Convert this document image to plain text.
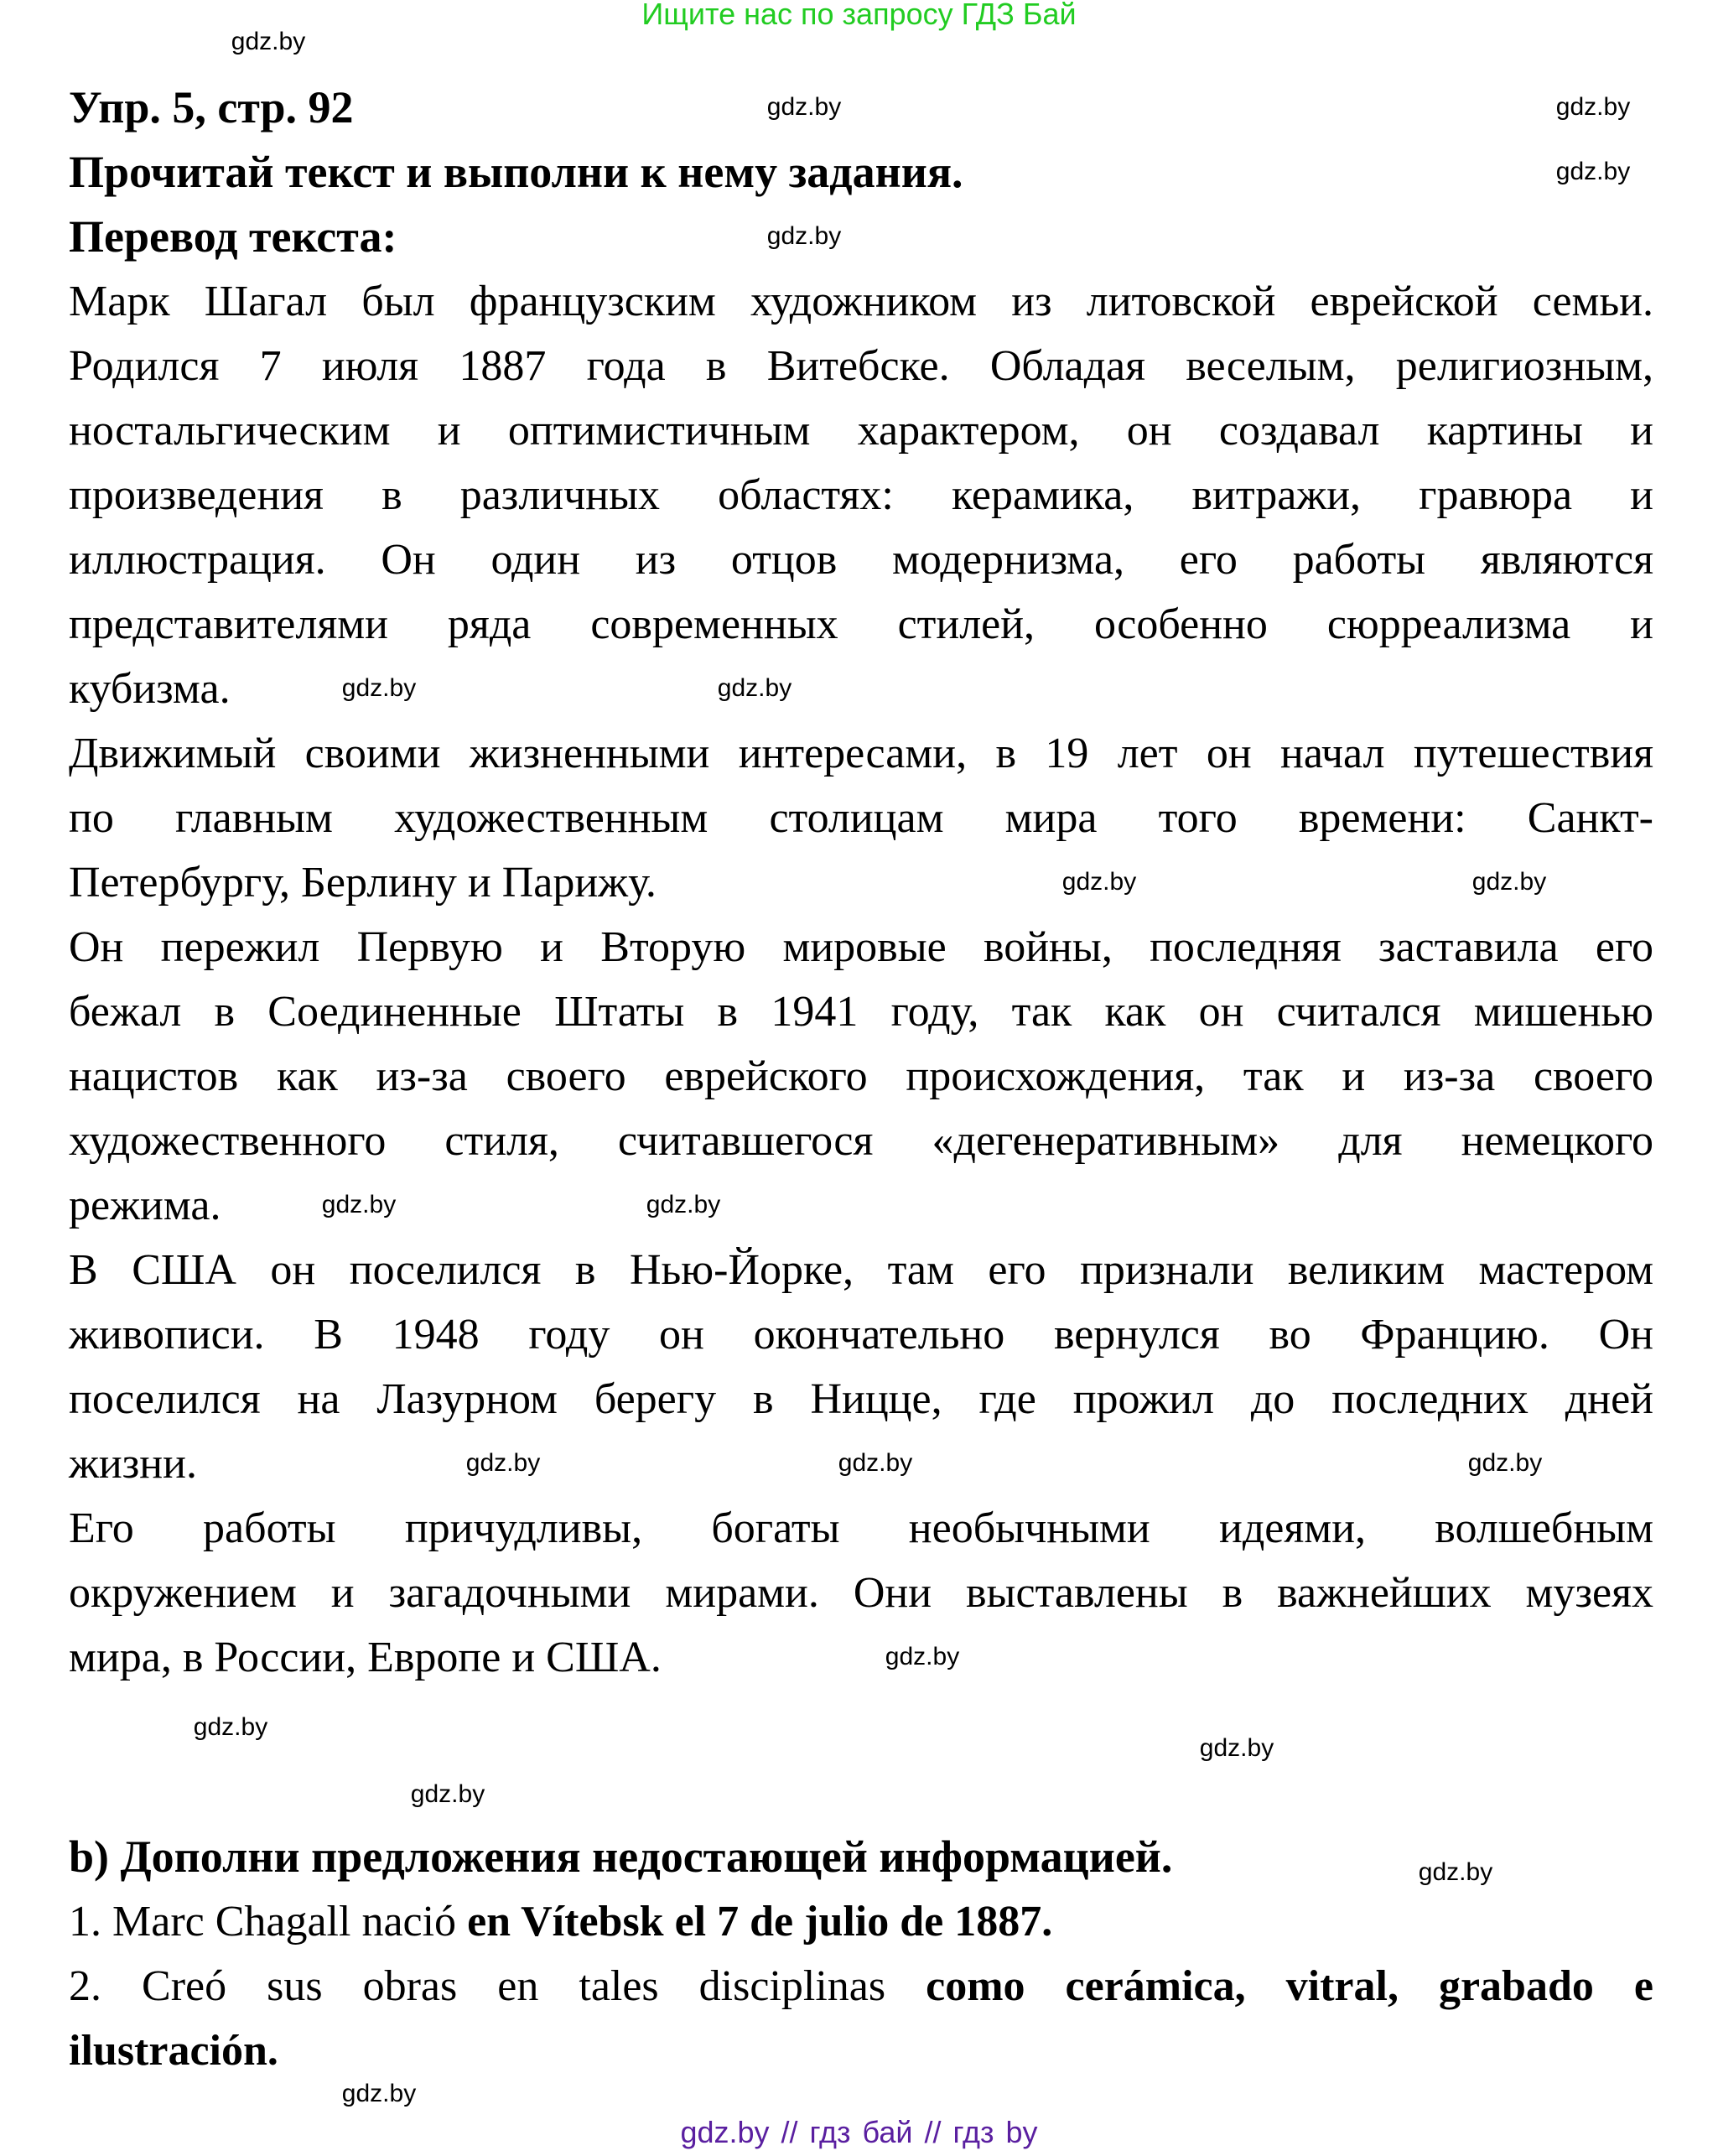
Ищите нас по запросу ГДЗ Бай
Упр. 5, стр. 92
Прочитай текст и выполни к нему задания.
Перевод текста:
Марк Шагал был французским художником из литовской еврейской семьи.
Родился 7 июля 1887 года в Витебске. Обладая веселым, религиозным,
ностальгическим и оптимистичным характером, он создавал картины и
произведения в различных областях: керамика, витражи, гравюра и
иллюстрация. Он один из отцов модернизма, его работы являются
представителями ряда современных стилей, особенно сюрреализма и
кубизма.
Движимый своими жизненными интересами, в 19 лет он начал путешествия
по главным художественным столицам мира того времени: Санкт-
Петербургу, Берлину и Парижу.
Он пережил Первую и Вторую мировые войны, последняя заставила его
бежал в Соединенные Штаты в 1941 году, так как он считался мишенью
нацистов как из-за своего еврейского происхождения, так и из-за своего
художественного стиля, считавшегося «дегенеративным» для немецкого
режима.
В США он поселился в Нью-Йорке, там его признали великим мастером
живописи. В 1948 году он окончательно вернулся во Францию. Он
поселился на Лазурном берегу в Ницце, где прожил до последних дней
жизни.
Его работы причудливы, богаты необычными идеями, волшебным
окружением и загадочными мирами. Они выставлены в важнейших музеях
мира, в России, Европе и США.
b) Дополни предложения недостающей информацией.
1. Marc Chagall nació en Vítebsk el 7 de julio de 1887.
2. Creó sus obras en tales disciplinas como cerámica, vitral, grabado e
ilustración.
gdz.by
gdz.by	gdz.by
gdz.by
gdz.by
gdz.by	gdz.by
gdz.by	gdz.by
gdz.by	gdz.by
gdz.by	gdz.by	gdz.by
gdz.by
gdz.by
gdz.by
gdz.by
gdz.by
gdz.by
gdz.by // гдз бай // гдз by
